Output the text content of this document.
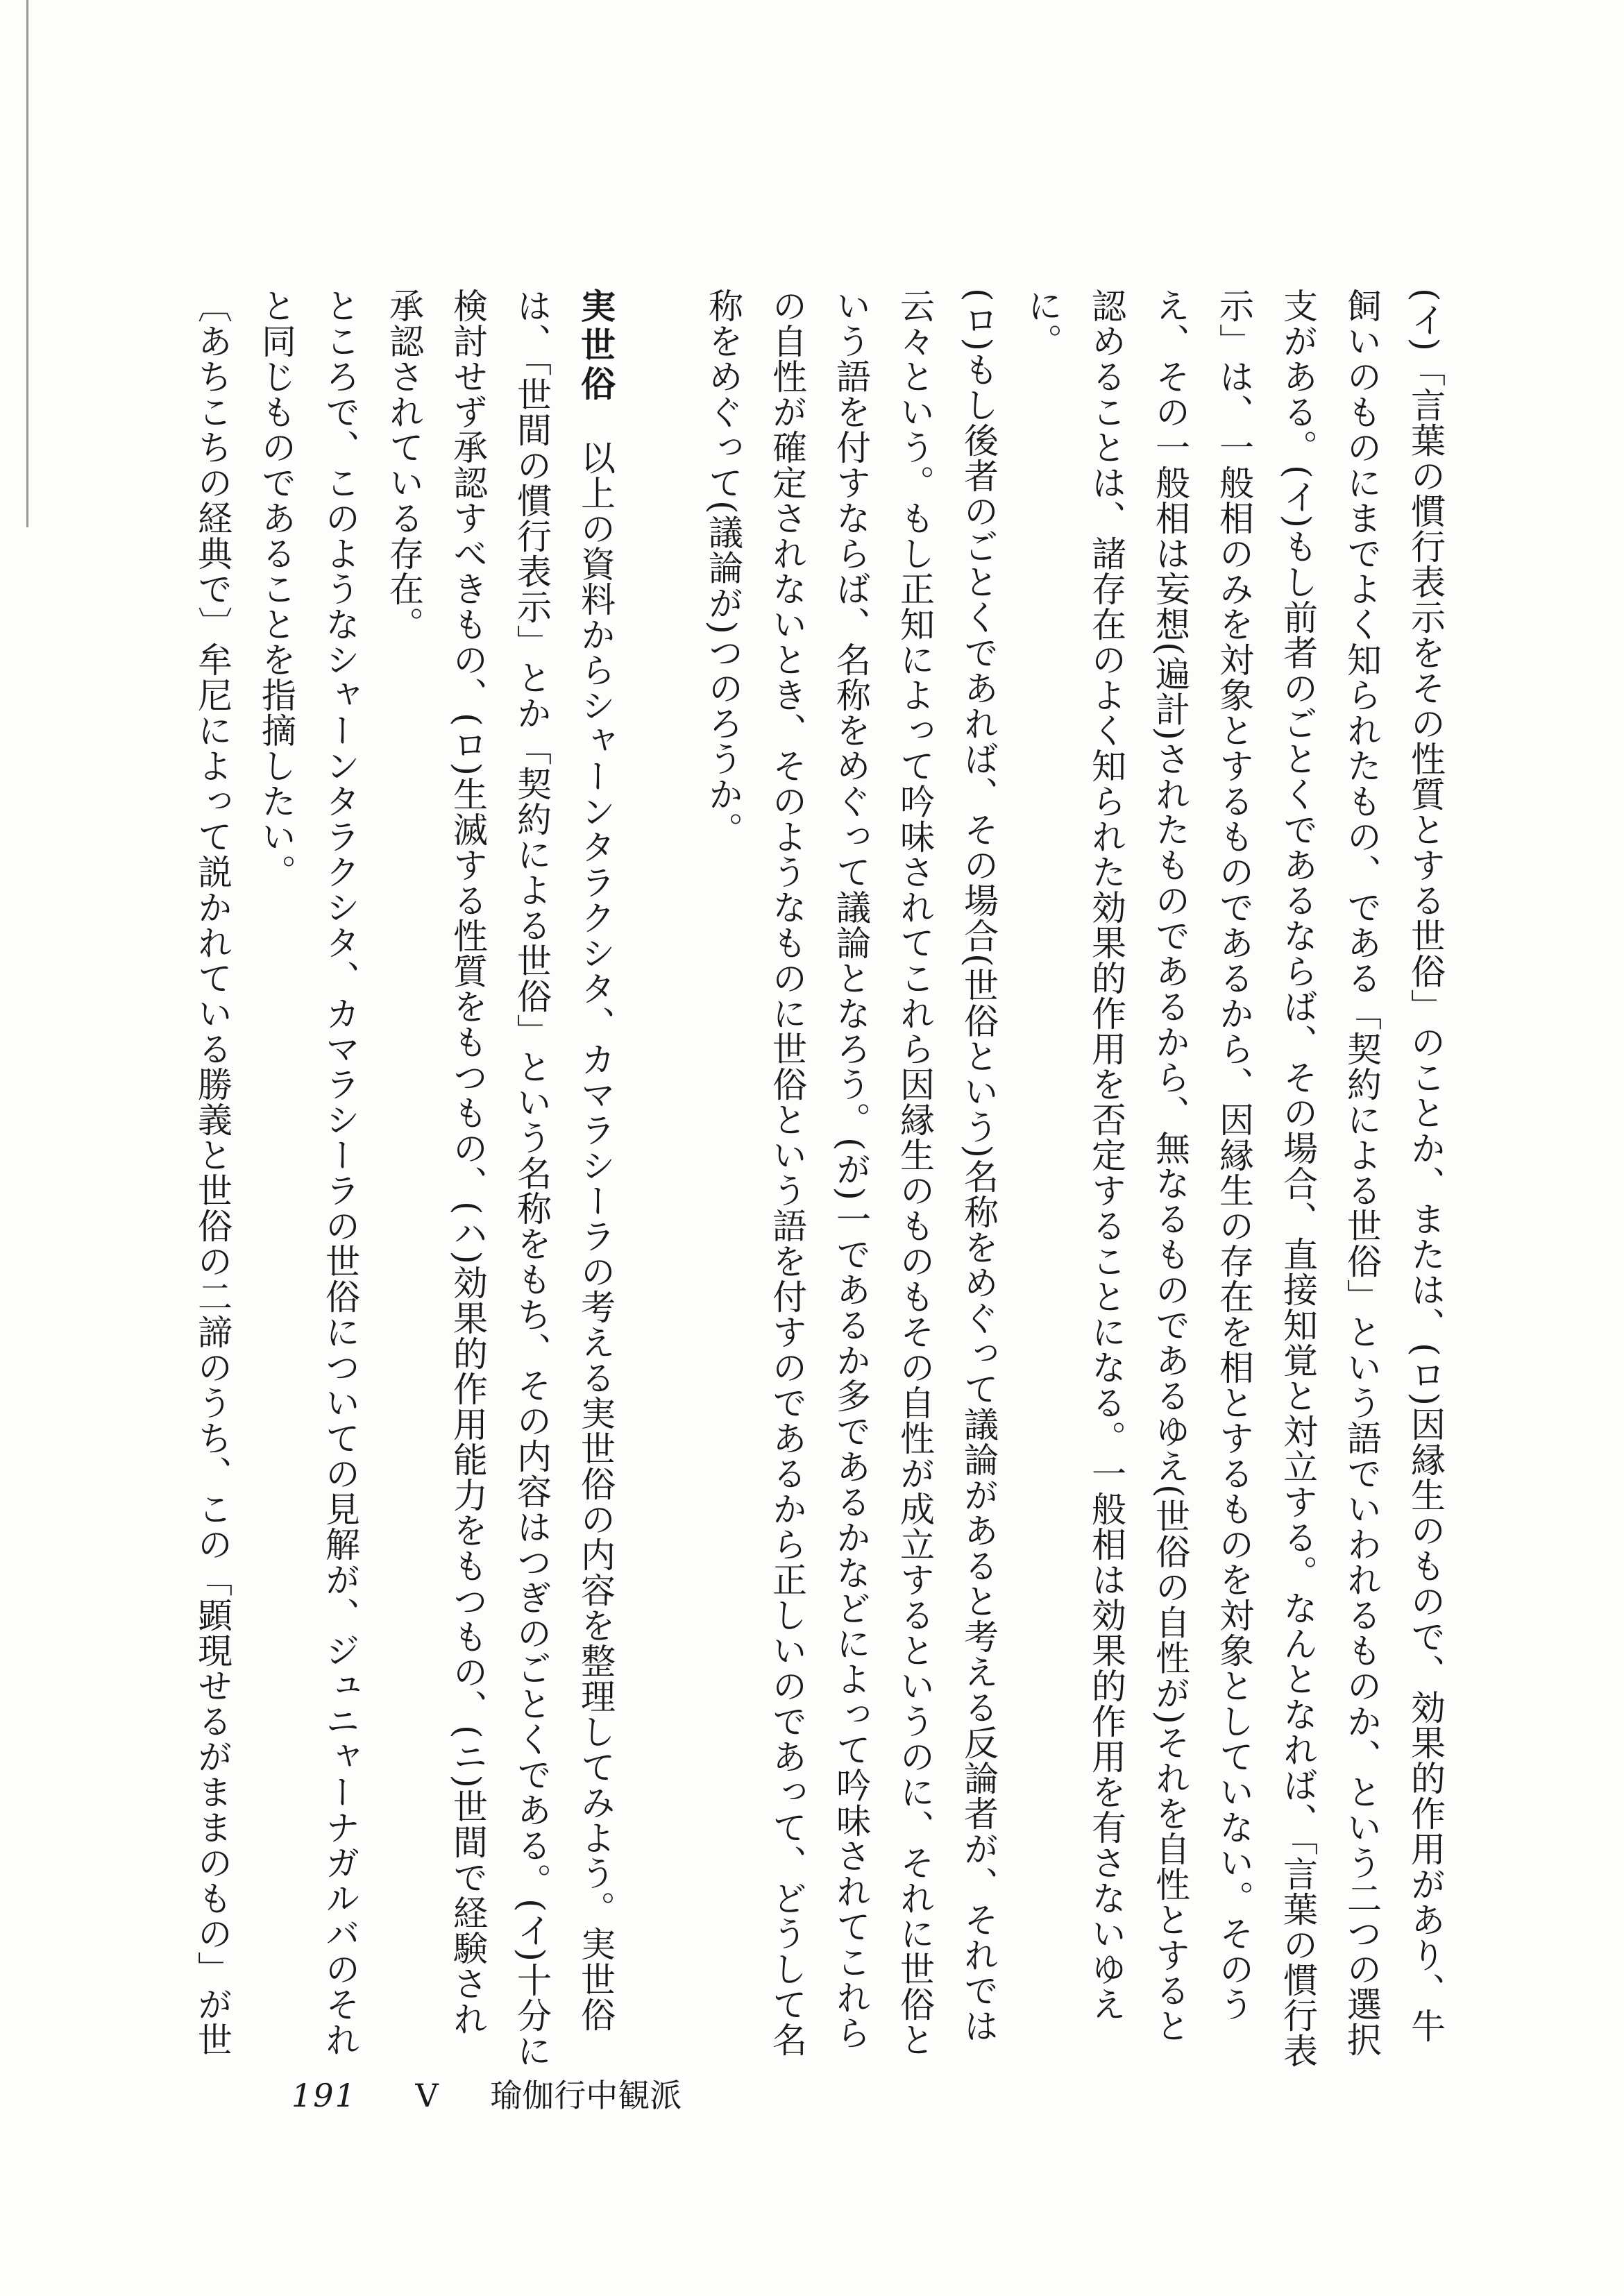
(イ)「言葉の慣行表示をその性質とする世俗」のことか、または、(ロ)因縁生のもので、効果的作用があり、牛飼いのものにまでよく知られたもの、である「契約による世俗」という語でいわれるものか、という二つの選択支がある。(イ)もし前者のごとくであるならば、その場合、直接知覚と対立する。なんとなれば、「言葉の慣行表示」は、一般相のみを対象とするものであるから、因縁生の存在を相とするものを対象としていない。そのうえ、その一般相は妄想(遍計)されたものであるから、無なるものであるゆえ(世俗の自性が)それを自性とすると認めることは、諸存在のよく知られた効果的作用を否定することになる。一般相は効果的作用を有さないゆえに。

(ロ)もし後者のごとくであれば、その場合(世俗という)名称をめぐって議論があると考える反論者が、それでは云々という。もし正知によって吟味されてこれら因縁生のものもその自性が成立するというのに、それに世俗という語を付すならば、名称をめぐって議論となろう。(が)一であるか多であるかなどによって吟味されてこれらの自性が確定されないとき、そのようなものに世俗という語を付すのであるから正しいのであって、どうして名称をめぐって(議論が)つのろうか。

実世俗　以上の資料からシャーンタラクシタ、カマラシーラの考える実世俗の内容を整理してみよう。実世俗は、「世間の慣行表示」とか「契約による世俗」という名称をもち、その内容はつぎのごとくである。(イ)十分に検討せず承認すべきもの、(ロ)生滅する性質をもつもの、(ハ)効果的作用能力をもつもの、(ニ)世間で経験され承認されている存在。

ところで、このようなシャーンタラクシタ、カマラシーラの世俗についての見解が、ジュニャーナガルバのそれと同じものであることを指摘したい。

〔あちこちの経典で〕牟尼によって説かれている勝義と世俗の二諦のうち、この「顕現せるがままのもの」が世

191 V 瑜伽行中観派
